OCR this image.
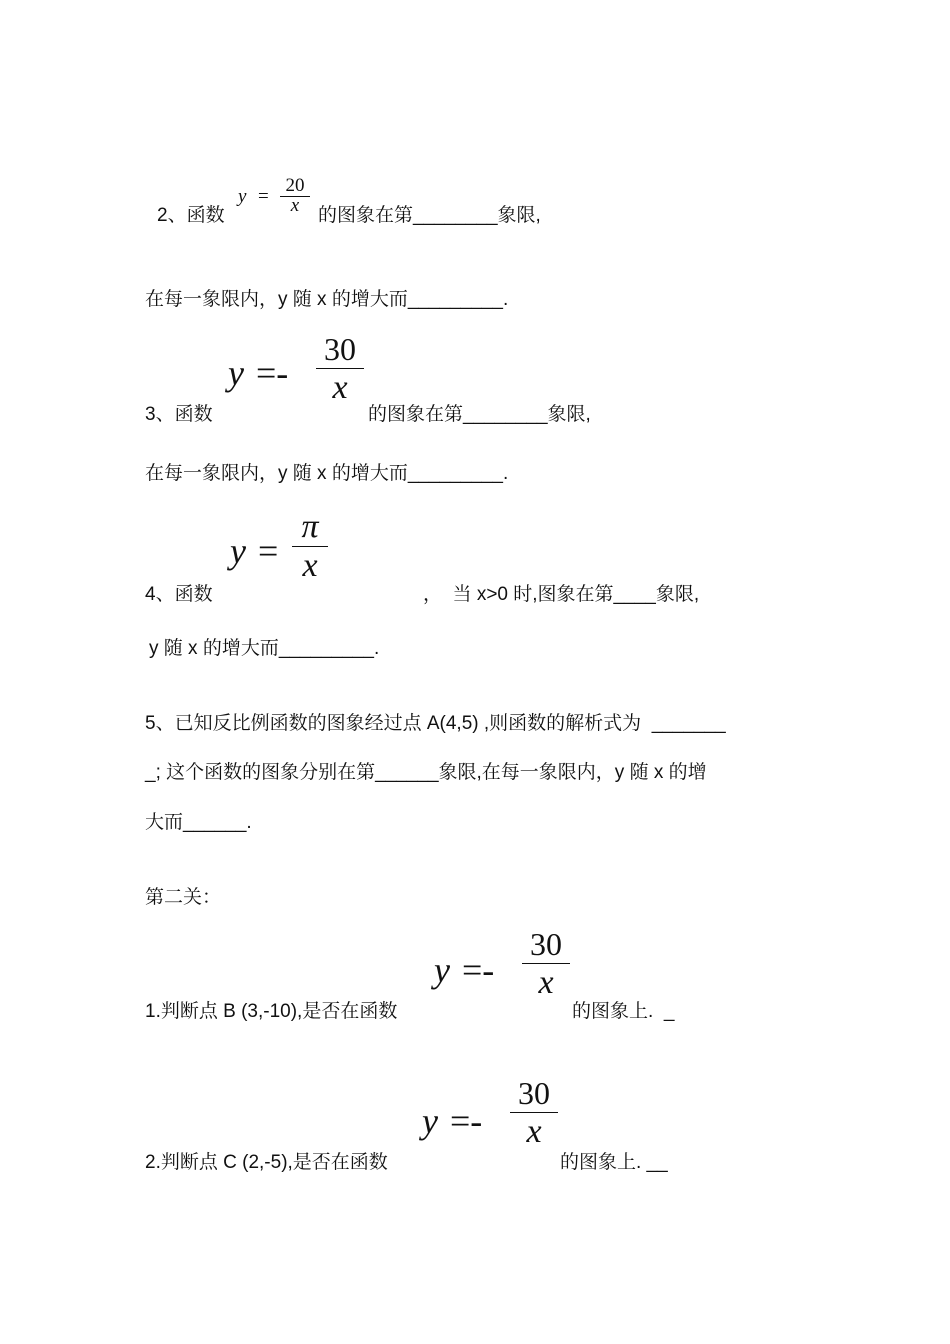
2、函数
y =
20
x 的图象在第________象限,
在每一象限内，y 随 x 的增大而_________.
y =-
30
x
3、函数	的图象在第________象限,
在每一象限内，y 随 x 的增大而_________.
y =
π
x
4、函数	，  当 x>0 时,图象在第____象限,
y 随 x 的增大而_________.
5、已知反比例函数的图象经过点 A(4,5) ,则函数的解析式为  _______
_; 这个函数的图象分别在第______象限,在每一象限内，y 随 x 的增
大而______.
第二关：
y =-
30
x
1.判断点 B (3,-10),是否在函数	的图象上.  _
y =-
30
x
2.判断点 C (2,-5),是否在函数	的图象上. __
